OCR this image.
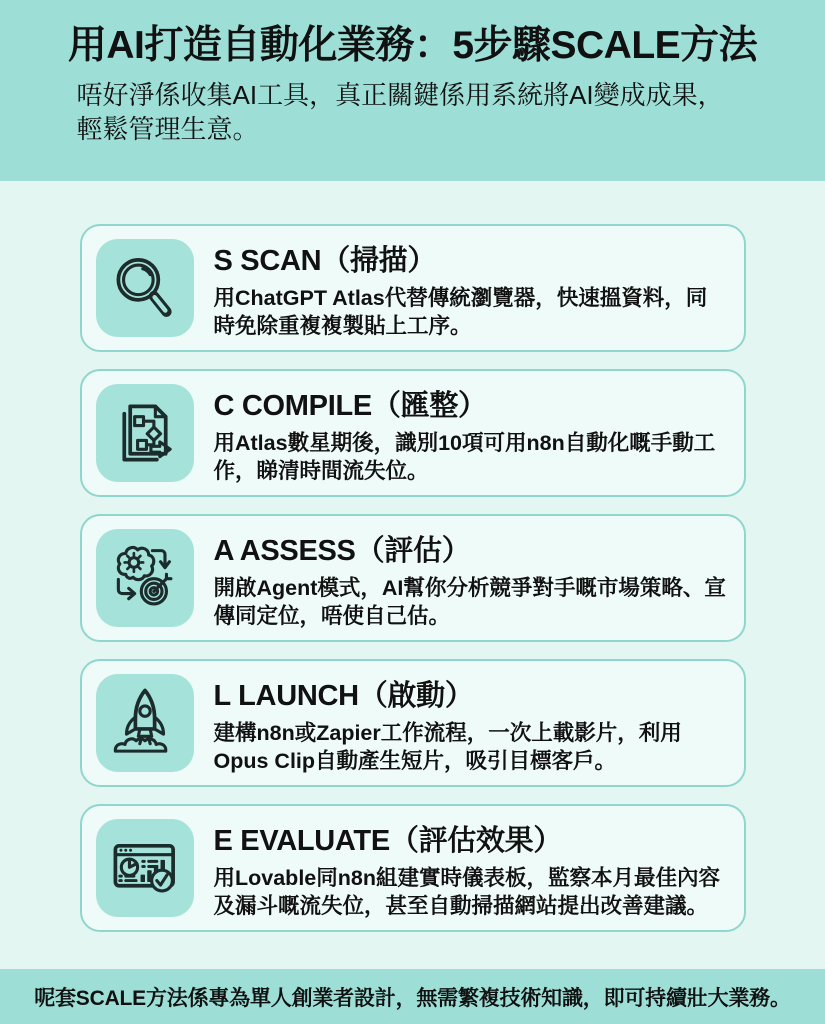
用AI打造自動化業務：5步驟SCALE方法

唔好淨係收集AI工具，真正關鍵係用系統將AI變成成果，輕鬆管理生意。

S SCAN（掃描）
用ChatGPT Atlas代替傳統瀏覽器，快速搵資料，同時免除重複複製貼上工序。
C COMPILE（匯整）
用Atlas數星期後，識別10項可用n8n自動化嘅手動工作，睇清時間流失位。
A ASSESS（評估）
開啟Agent模式，AI幫你分析競爭對手嘅市場策略、宣傳同定位，唔使自己估。
L LAUNCH（啟動）
建構n8n或Zapier工作流程，一次上載影片，利用Opus Clip自動產生短片，吸引目標客戶。
E EVALUATE（評估效果）
用Lovable同n8n組建實時儀表板，監察本月最佳內容及漏斗嘅流失位，甚至自動掃描網站提出改善建議。

呢套SCALE方法係專為單人創業者設計，無需繁複技術知識，即可持續壯大業務。
